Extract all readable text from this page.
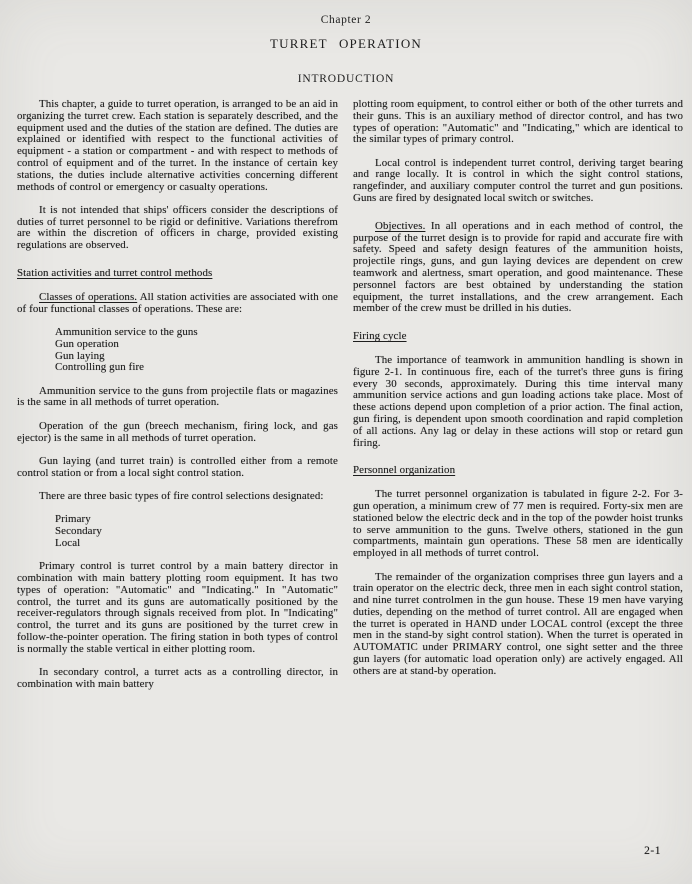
Chapter 2
TURRET OPERATION
INTRODUCTION

This chapter, a guide to turret operation, is arranged to be an aid in organizing the turret crew. Each station is separately described, and the equipment used and the duties of the station are defined. The duties are explained or identified with respect to the functional activities of equipment - a station or compartment - and with respect to methods of control of equipment and of the turret. In the instance of certain key stations, the duties include alternative activities concerning different methods of control or emergency or casualty operations.

It is not intended that ships' officers consider the descriptions of duties of turret personnel to be rigid or definitive. Variations therefrom are within the discretion of officers in charge, provided existing regulations are observed.

Station activities and turret control methods

Classes of operations. All station activities are associated with one of four functional classes of operations. These are:

Ammunition service to the guns
Gun operation
Gun laying
Controlling gun fire

Ammunition service to the guns from projectile flats or magazines is the same in all methods of turret operation.

Operation of the gun (breech mechanism, firing lock, and gas ejector) is the same in all methods of turret operation.

Gun laying (and turret train) is controlled either from a remote control station or from a local sight control station.

There are three basic types of fire control selections designated:

Primary
Secondary
Local

Primary control is turret control by a main battery director in combination with main battery plotting room equipment. It has two types of operation: "Automatic" and "Indicating." In "Automatic" control, the turret and its guns are automatically positioned by the receiver-regulators through signals received from plot. In "Indicating" control, the turret and its guns are positioned by the turret crew in follow-the-pointer operation. The firing station in both types of control is normally the stable vertical in either plotting room.

In secondary control, a turret acts as a controlling director, in combination with main battery

plotting room equipment, to control either or both of the other turrets and their guns. This is an auxiliary method of director control, and has two types of operation: "Automatic" and "Indicating," which are identical to the similar types of primary control.

Local control is independent turret control, deriving target bearing and range locally. It is control in which the sight control stations, rangefinder, and auxiliary computer control the turret and gun positions. Guns are fired by designated local switch or switches.

Objectives. In all operations and in each method of control, the purpose of the turret design is to provide for rapid and accurate fire with safety. Speed and safety design features of the ammunition hoists, projectile rings, guns, and gun laying devices are dependent on crew teamwork and alertness, smart operation, and good maintenance. These personnel factors are best obtained by understanding the station equipment, the turret installations, and the crew arrangement. Each member of the crew must be drilled in his duties.

Firing cycle

The importance of teamwork in ammunition handling is shown in figure 2-1. In continuous fire, each of the turret's three guns is firing every 30 seconds, approximately. During this time interval many ammunition service actions and gun loading actions take place. Most of these actions depend upon completion of a prior action. The final action, gun firing, is dependent upon smooth coordination and rapid completion of all actions. Any lag or delay in these actions will stop or retard gun firing.

Personnel organization

The turret personnel organization is tabulated in figure 2-2. For 3-gun operation, a minimum crew of 77 men is required. Forty-six men are stationed below the electric deck and in the top of the powder hoist trunks to serve ammunition to the guns. Twelve others, stationed in the gun compartments, maintain gun operations. These 58 men are identically employed in all methods of turret control.

The remainder of the organization comprises three gun layers and a train operator on the electric deck, three men in each sight control station, and nine turret controlmen in the gun house. These 19 men have varying duties, depending on the method of turret control. All are engaged when the turret is operated in HAND under LOCAL control (except the three men in the stand-by sight control station). When the turret is operated in AUTOMATIC under PRIMARY control, one sight setter and the three gun layers (for automatic load operation only) are actively engaged. All others are at stand-by operation.

2-1
